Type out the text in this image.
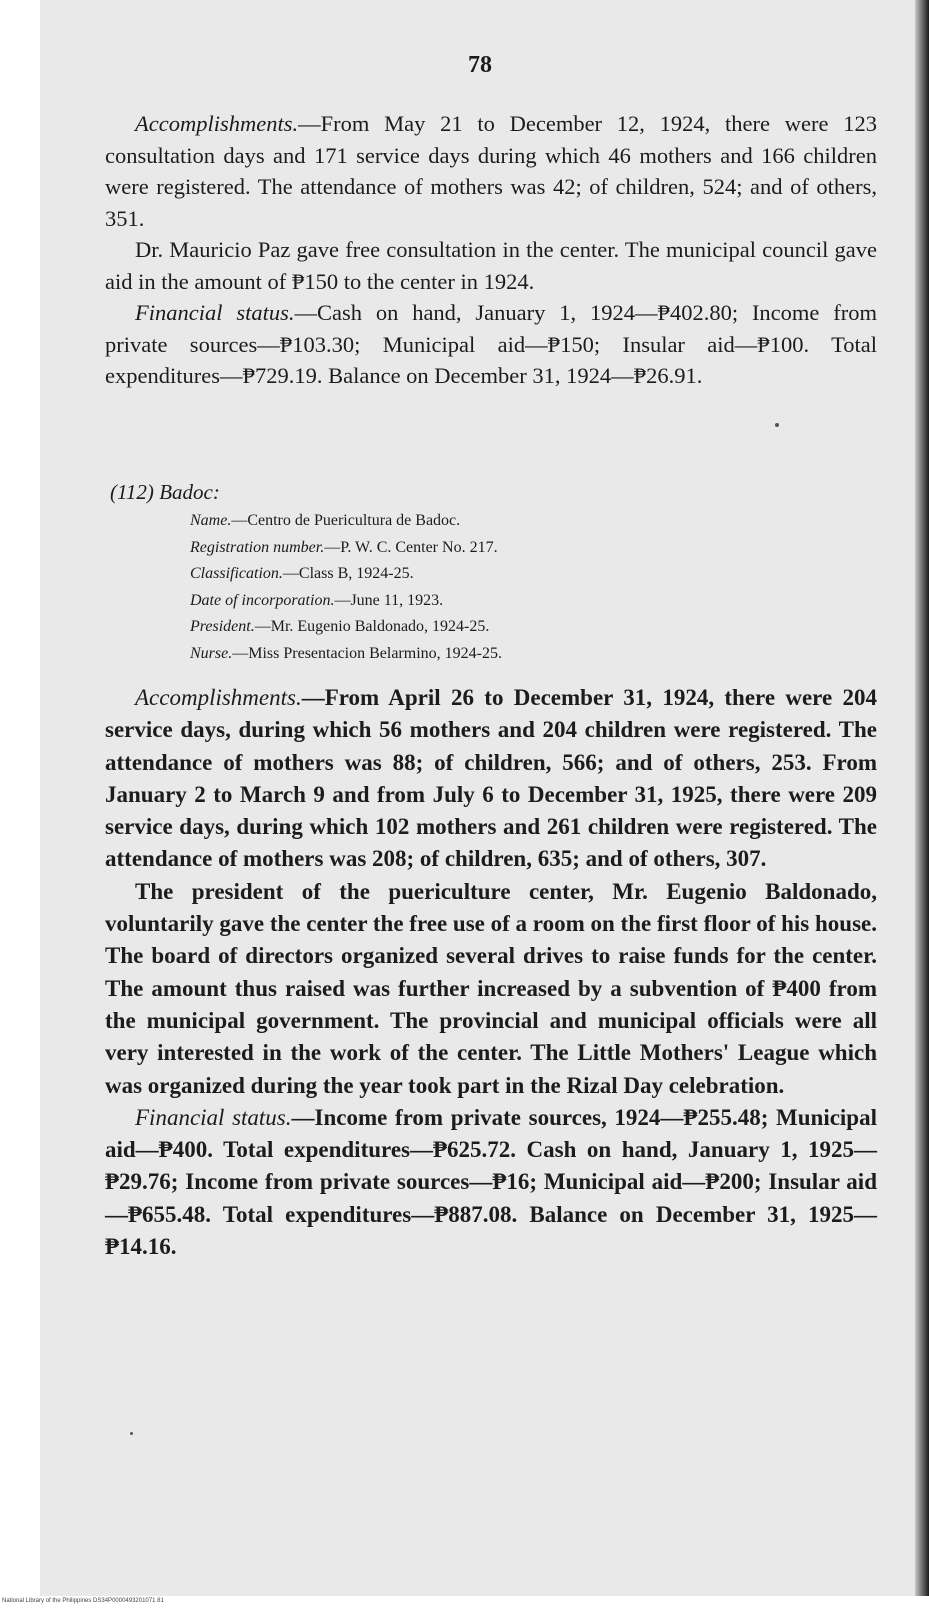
78

Accomplishments.—From May 21 to December 12, 1924, there were 123 consultation days and 171 service days during which 46 mothers and 166 children were registered. The attendance of mothers was 42; of children, 524; and of others, 351.

Dr. Mauricio Paz gave free consultation in the center. The municipal council gave aid in the amount of ₱150 to the center in 1924.

Financial status.—Cash on hand, January 1, 1924—₱402.80; Income from private sources—₱103.30; Municipal aid—₱150; Insular aid—₱100. Total expenditures—₱729.19. Balance on December 31, 1924—₱26.91.

(112) Badoc:
Name.—Centro de Puericultura de Badoc.
Registration number.—P. W. C. Center No. 217.
Classification.—Class B, 1924-25.
Date of incorporation.—June 11, 1923.
President.—Mr. Eugenio Baldonado, 1924-25.
Nurse.—Miss Presentacion Belarmino, 1924-25.

Accomplishments.—From April 26 to December 31, 1924, there were 204 service days, during which 56 mothers and 204 children were registered. The attendance of mothers was 88; of children, 566; and of others, 253. From January 2 to March 9 and from July 6 to December 31, 1925, there were 209 service days, during which 102 mothers and 261 children were registered. The attendance of mothers was 208; of children, 635; and of others, 307.

The president of the puericulture center, Mr. Eugenio Baldonado, voluntarily gave the center the free use of a room on the first floor of his house. The board of directors organized several drives to raise funds for the center. The amount thus raised was further increased by a subvention of ₱400 from the municipal government. The provincial and municipal officials were all very interested in the work of the center. The Little Mothers' League which was organized during the year took part in the Rizal Day celebration.

Financial status.—Income from private sources, 1924—₱255.48; Municipal aid—₱400. Total expenditures—₱625.72. Cash on hand, January 1, 1925—₱29.76; Income from private sources—₱16; Municipal aid—₱200; Insular aid—₱655.48. Total expenditures—₱887.08. Balance on December 31, 1925—₱14.16.

National Library of the Philippines DS34P0000493201071 81
